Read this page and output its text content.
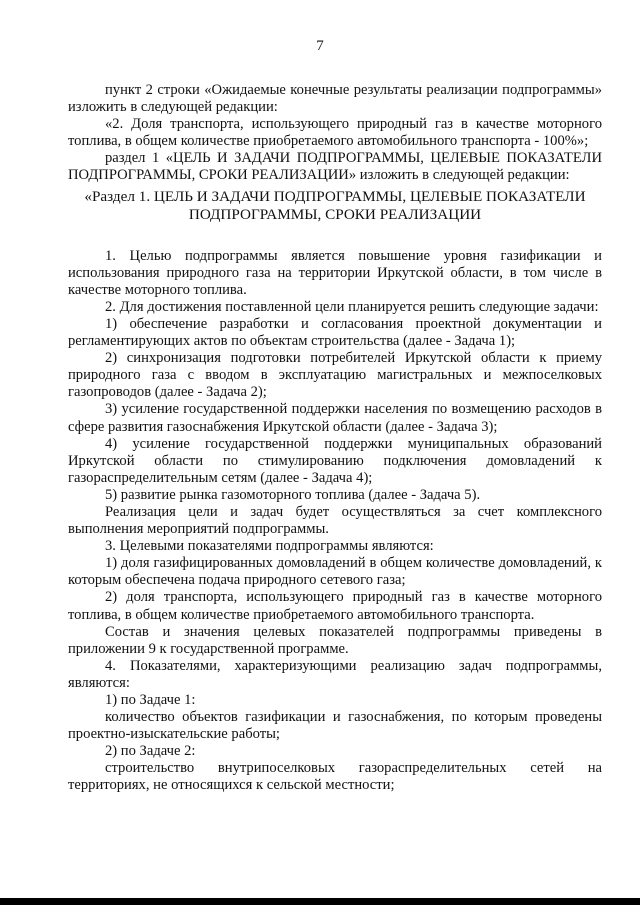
7

пункт 2 строки «Ожидаемые конечные результаты реализации подпрограммы» изложить в следующей редакции:

«2. Доля транспорта, использующего природный газ в качестве моторного топлива, в общем количестве приобретаемого автомобильного транспорта - 100%»;

раздел 1 «ЦЕЛЬ И ЗАДАЧИ ПОДПРОГРАММЫ, ЦЕЛЕВЫЕ ПОКАЗАТЕЛИ ПОДПРОГРАММЫ, СРОКИ РЕАЛИЗАЦИИ» изложить в следующей редакции:

«Раздел 1. ЦЕЛЬ И ЗАДАЧИ ПОДПРОГРАММЫ, ЦЕЛЕВЫЕ ПОКАЗАТЕЛИ ПОДПРОГРАММЫ, СРОКИ РЕАЛИЗАЦИИ

1. Целью подпрограммы является повышение уровня газификации и использования природного газа на территории Иркутской области, в том числе в качестве моторного топлива.

2. Для достижения поставленной цели планируется решить следующие задачи:

1) обеспечение разработки и согласования проектной документации и регламентирующих актов по объектам строительства (далее - Задача 1);

2) синхронизация подготовки потребителей Иркутской области к приему природного газа с вводом в эксплуатацию магистральных и межпоселковых газопроводов (далее - Задача 2);

3) усиление государственной поддержки населения по возмещению расходов в сфере развития газоснабжения Иркутской области (далее - Задача 3);

4) усиление государственной поддержки муниципальных образований Иркутской области по стимулированию подключения домовладений к газораспределительным сетям (далее - Задача 4);

5) развитие рынка газомоторного топлива (далее - Задача 5).

Реализация цели и задач будет осуществляться за счет комплексного выполнения мероприятий подпрограммы.

3. Целевыми показателями подпрограммы являются:

1) доля газифицированных домовладений в общем количестве домовладений, к которым обеспечена подача природного сетевого газа;

2) доля транспорта, использующего природный газ в качестве моторного топлива, в общем количестве приобретаемого автомобильного транспорта.

Состав и значения целевых показателей подпрограммы приведены в приложении 9 к государственной программе.

4. Показателями, характеризующими реализацию задач подпрограммы, являются:

1) по Задаче 1:

количество объектов газификации и газоснабжения, по которым проведены проектно-изыскательские работы;

2) по Задаче 2:

строительство внутрипоселковых газораспределительных сетей на территориях, не относящихся к сельской местности;
